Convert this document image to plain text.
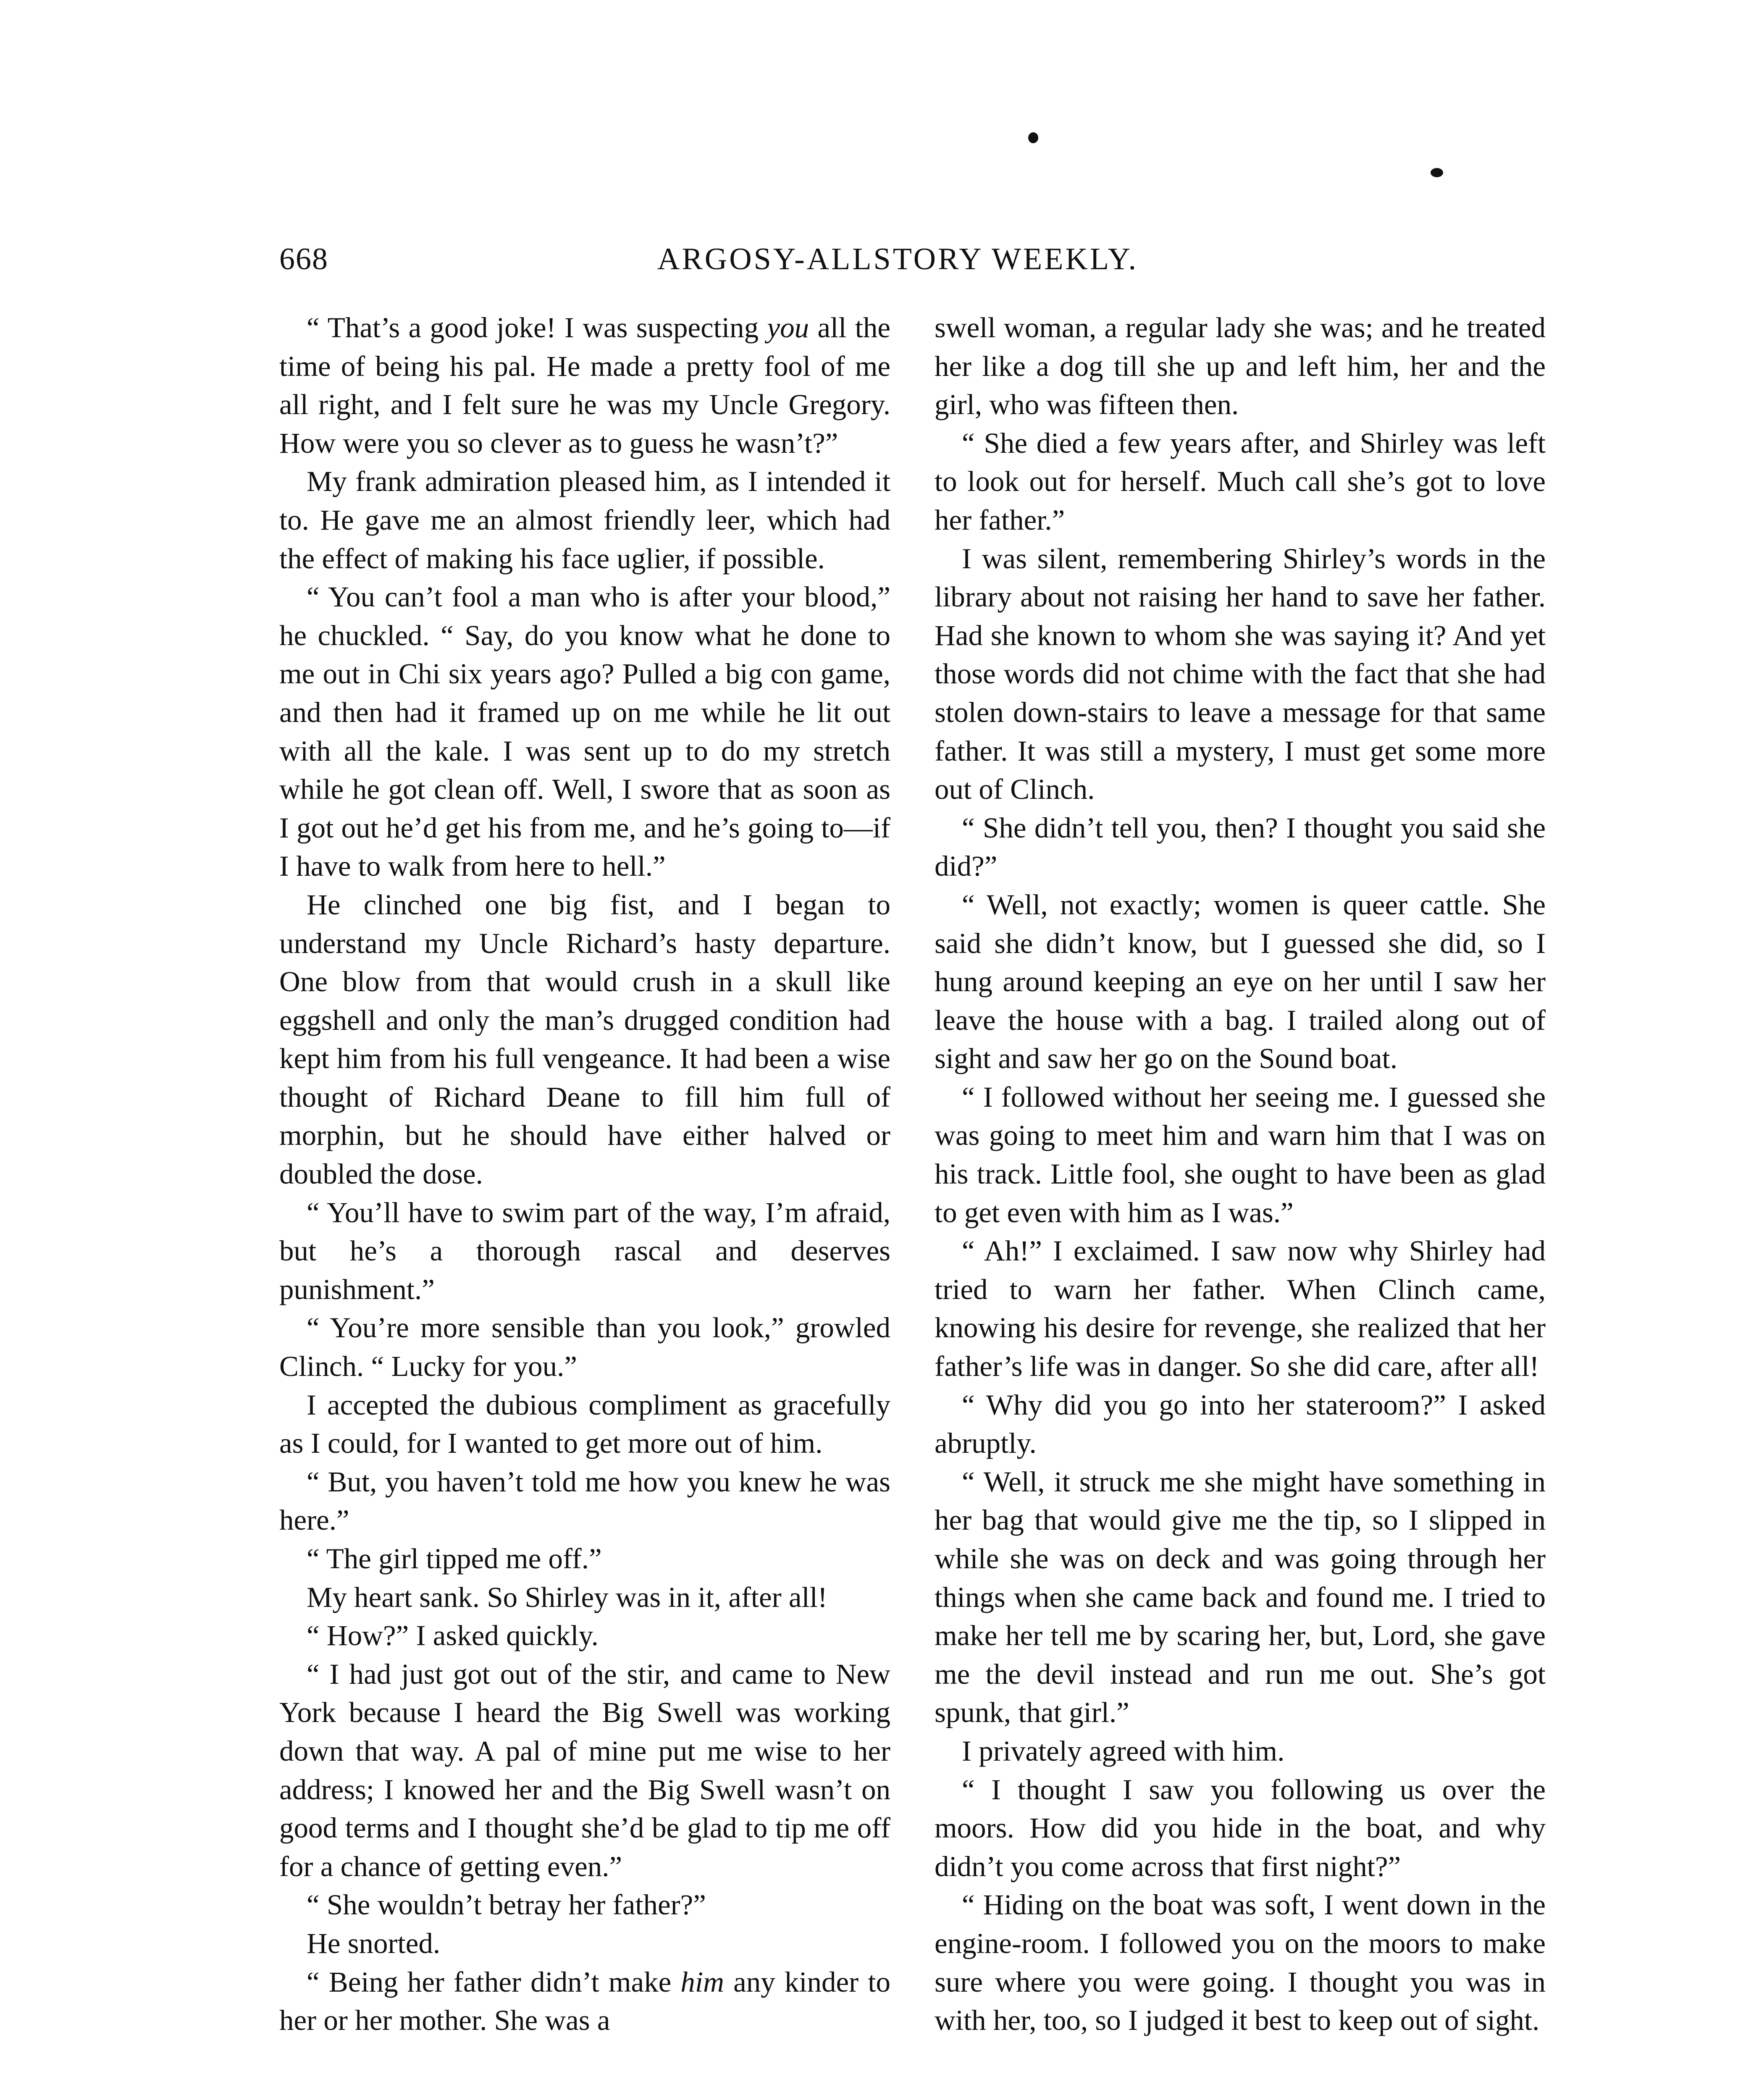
668	ARGOSY-ALLSTORY WEEKLY.

“ That’s a good joke! I was suspecting you all the time of being his pal. He made a pretty fool of me all right, and I felt sure he was my Uncle Gregory. How were you so clever as to guess he wasn’t?”

My frank admiration pleased him, as I intended it to. He gave me an almost friendly leer, which had the effect of making his face uglier, if possible.

“ You can’t fool a man who is after your blood,” he chuckled. “ Say, do you know what he done to me out in Chi six years ago? Pulled a big con game, and then had it framed up on me while he lit out with all the kale. I was sent up to do my stretch while he got clean off. Well, I swore that as soon as I got out he’d get his from me, and he’s going to—if I have to walk from here to hell.”

He clinched one big fist, and I began to understand my Uncle Richard’s hasty departure. One blow from that would crush in a skull like eggshell and only the man’s drugged condition had kept him from his full vengeance. It had been a wise thought of Richard Deane to fill him full of morphin, but he should have either halved or doubled the dose.

“ You’ll have to swim part of the way, I’m afraid, but he’s a thorough rascal and deserves punishment.”

“ You’re more sensible than you look,” growled Clinch. “ Lucky for you.”

I accepted the dubious compliment as gracefully as I could, for I wanted to get more out of him.

“ But, you haven’t told me how you knew he was here.”

“ The girl tipped me off.”

My heart sank. So Shirley was in it, after all!

“ How?” I asked quickly.

“ I had just got out of the stir, and came to New York because I heard the Big Swell was working down that way. A pal of mine put me wise to her address; I knowed her and the Big Swell wasn’t on good terms and I thought she’d be glad to tip me off for a chance of getting even.”

“ She wouldn’t betray her father?”

He snorted.

“ Being her father didn’t make him any kinder to her or her mother. She was a

swell woman, a regular lady she was; and he treated her like a dog till she up and left him, her and the girl, who was fifteen then.

“ She died a few years after, and Shirley was left to look out for herself. Much call she’s got to love her father.”

I was silent, remembering Shirley’s words in the library about not raising her hand to save her father. Had she known to whom she was saying it? And yet those words did not chime with the fact that she had stolen down-stairs to leave a message for that same father. It was still a mystery, I must get some more out of Clinch.

“ She didn’t tell you, then? I thought you said she did?”

“ Well, not exactly; women is queer cattle. She said she didn’t know, but I guessed she did, so I hung around keeping an eye on her until I saw her leave the house with a bag. I trailed along out of sight and saw her go on the Sound boat.

“ I followed without her seeing me. I guessed she was going to meet him and warn him that I was on his track. Little fool, she ought to have been as glad to get even with him as I was.”

“ Ah!” I exclaimed. I saw now why Shirley had tried to warn her father. When Clinch came, knowing his desire for revenge, she realized that her father’s life was in danger. So she did care, after all!

“ Why did you go into her stateroom?” I asked abruptly.

“ Well, it struck me she might have something in her bag that would give me the tip, so I slipped in while she was on deck and was going through her things when she came back and found me. I tried to make her tell me by scaring her, but, Lord, she gave me the devil instead and run me out. She’s got spunk, that girl.”

I privately agreed with him.

“ I thought I saw you following us over the moors. How did you hide in the boat, and why didn’t you come across that first night?”

“ Hiding on the boat was soft, I went down in the engine-room. I followed you on the moors to make sure where you were going. I thought you was in with her, too, so I judged it best to keep out of sight.
